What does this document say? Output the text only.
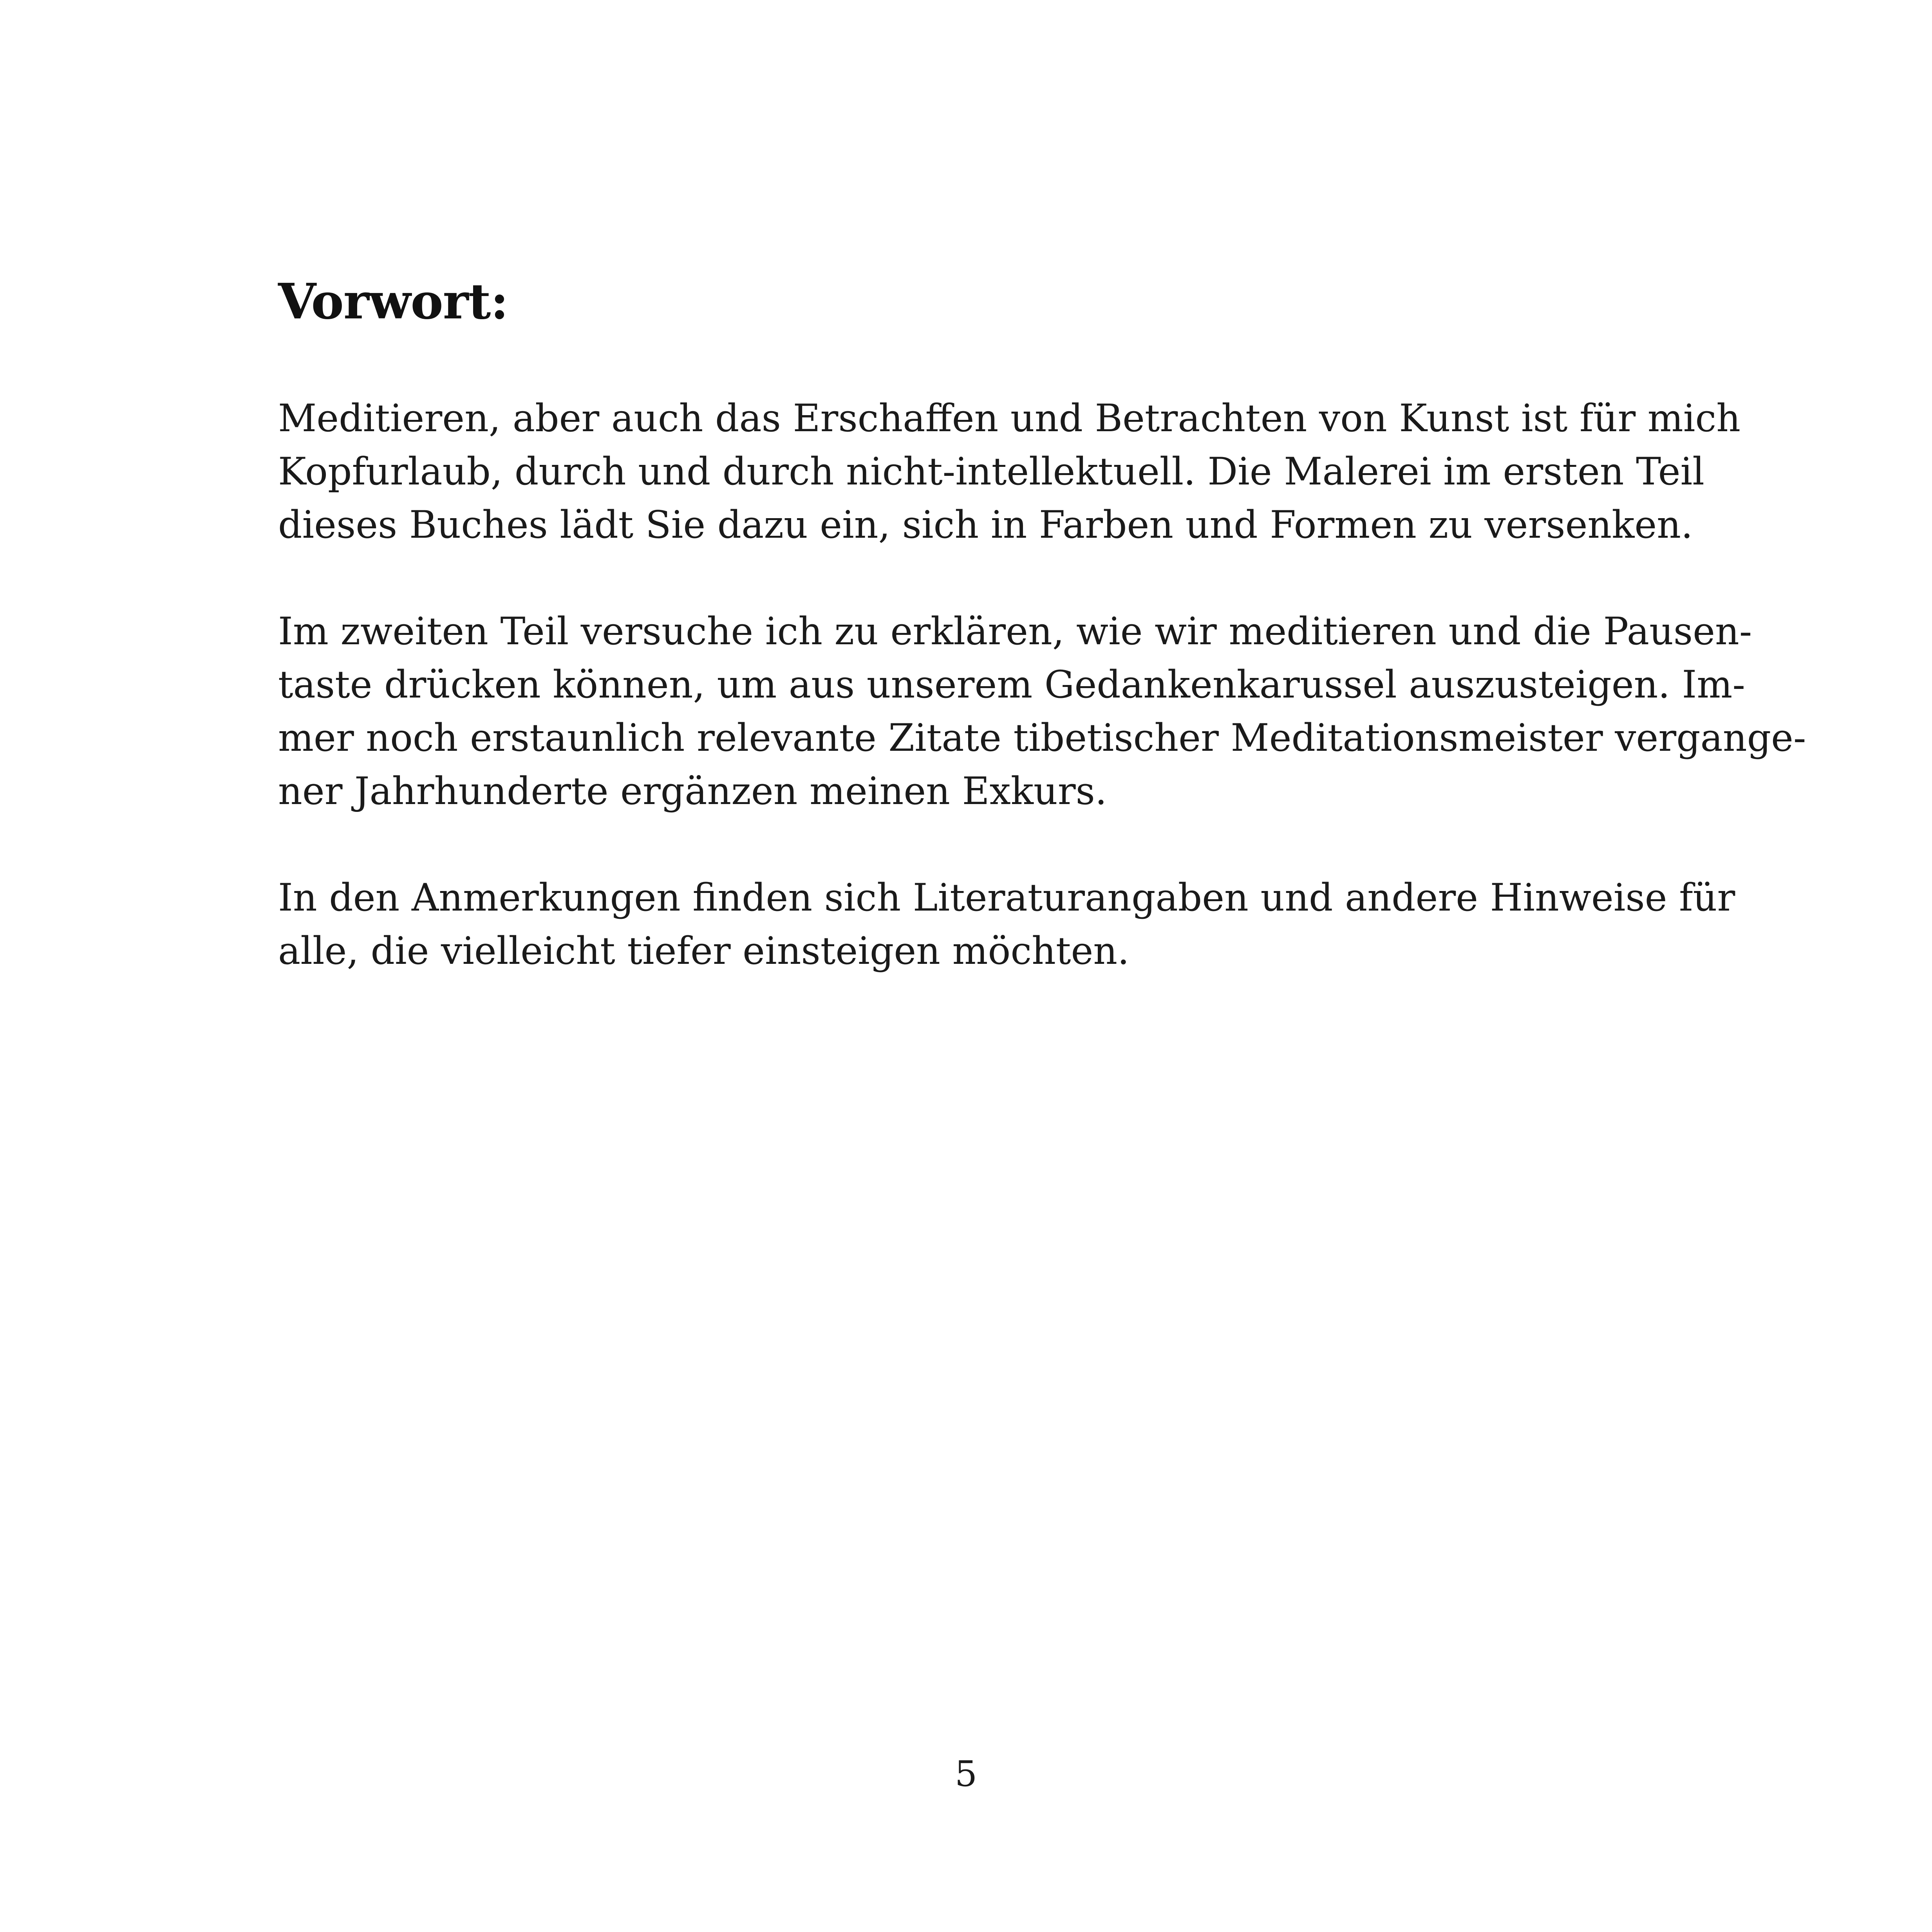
Vorwort:

Meditieren, aber auch das Erschaffen und Betrachten von Kunst ist für mich
Kopfurlaub, durch und durch nicht-intellektuell. Die Malerei im ersten Teil
dieses Buches lädt Sie dazu ein, sich in Farben und Formen zu versenken.

Im zweiten Teil versuche ich zu erklären, wie wir meditieren und die Pausen-
taste drücken können, um aus unserem Gedankenkarussel auszusteigen. Im-
mer noch erstaunlich relevante Zitate tibetischer Meditationsmeister vergange-
ner Jahrhunderte ergänzen meinen Exkurs.

In den Anmerkungen finden sich Literaturangaben und andere Hinweise für
alle, die vielleicht tiefer einsteigen möchten.

5
